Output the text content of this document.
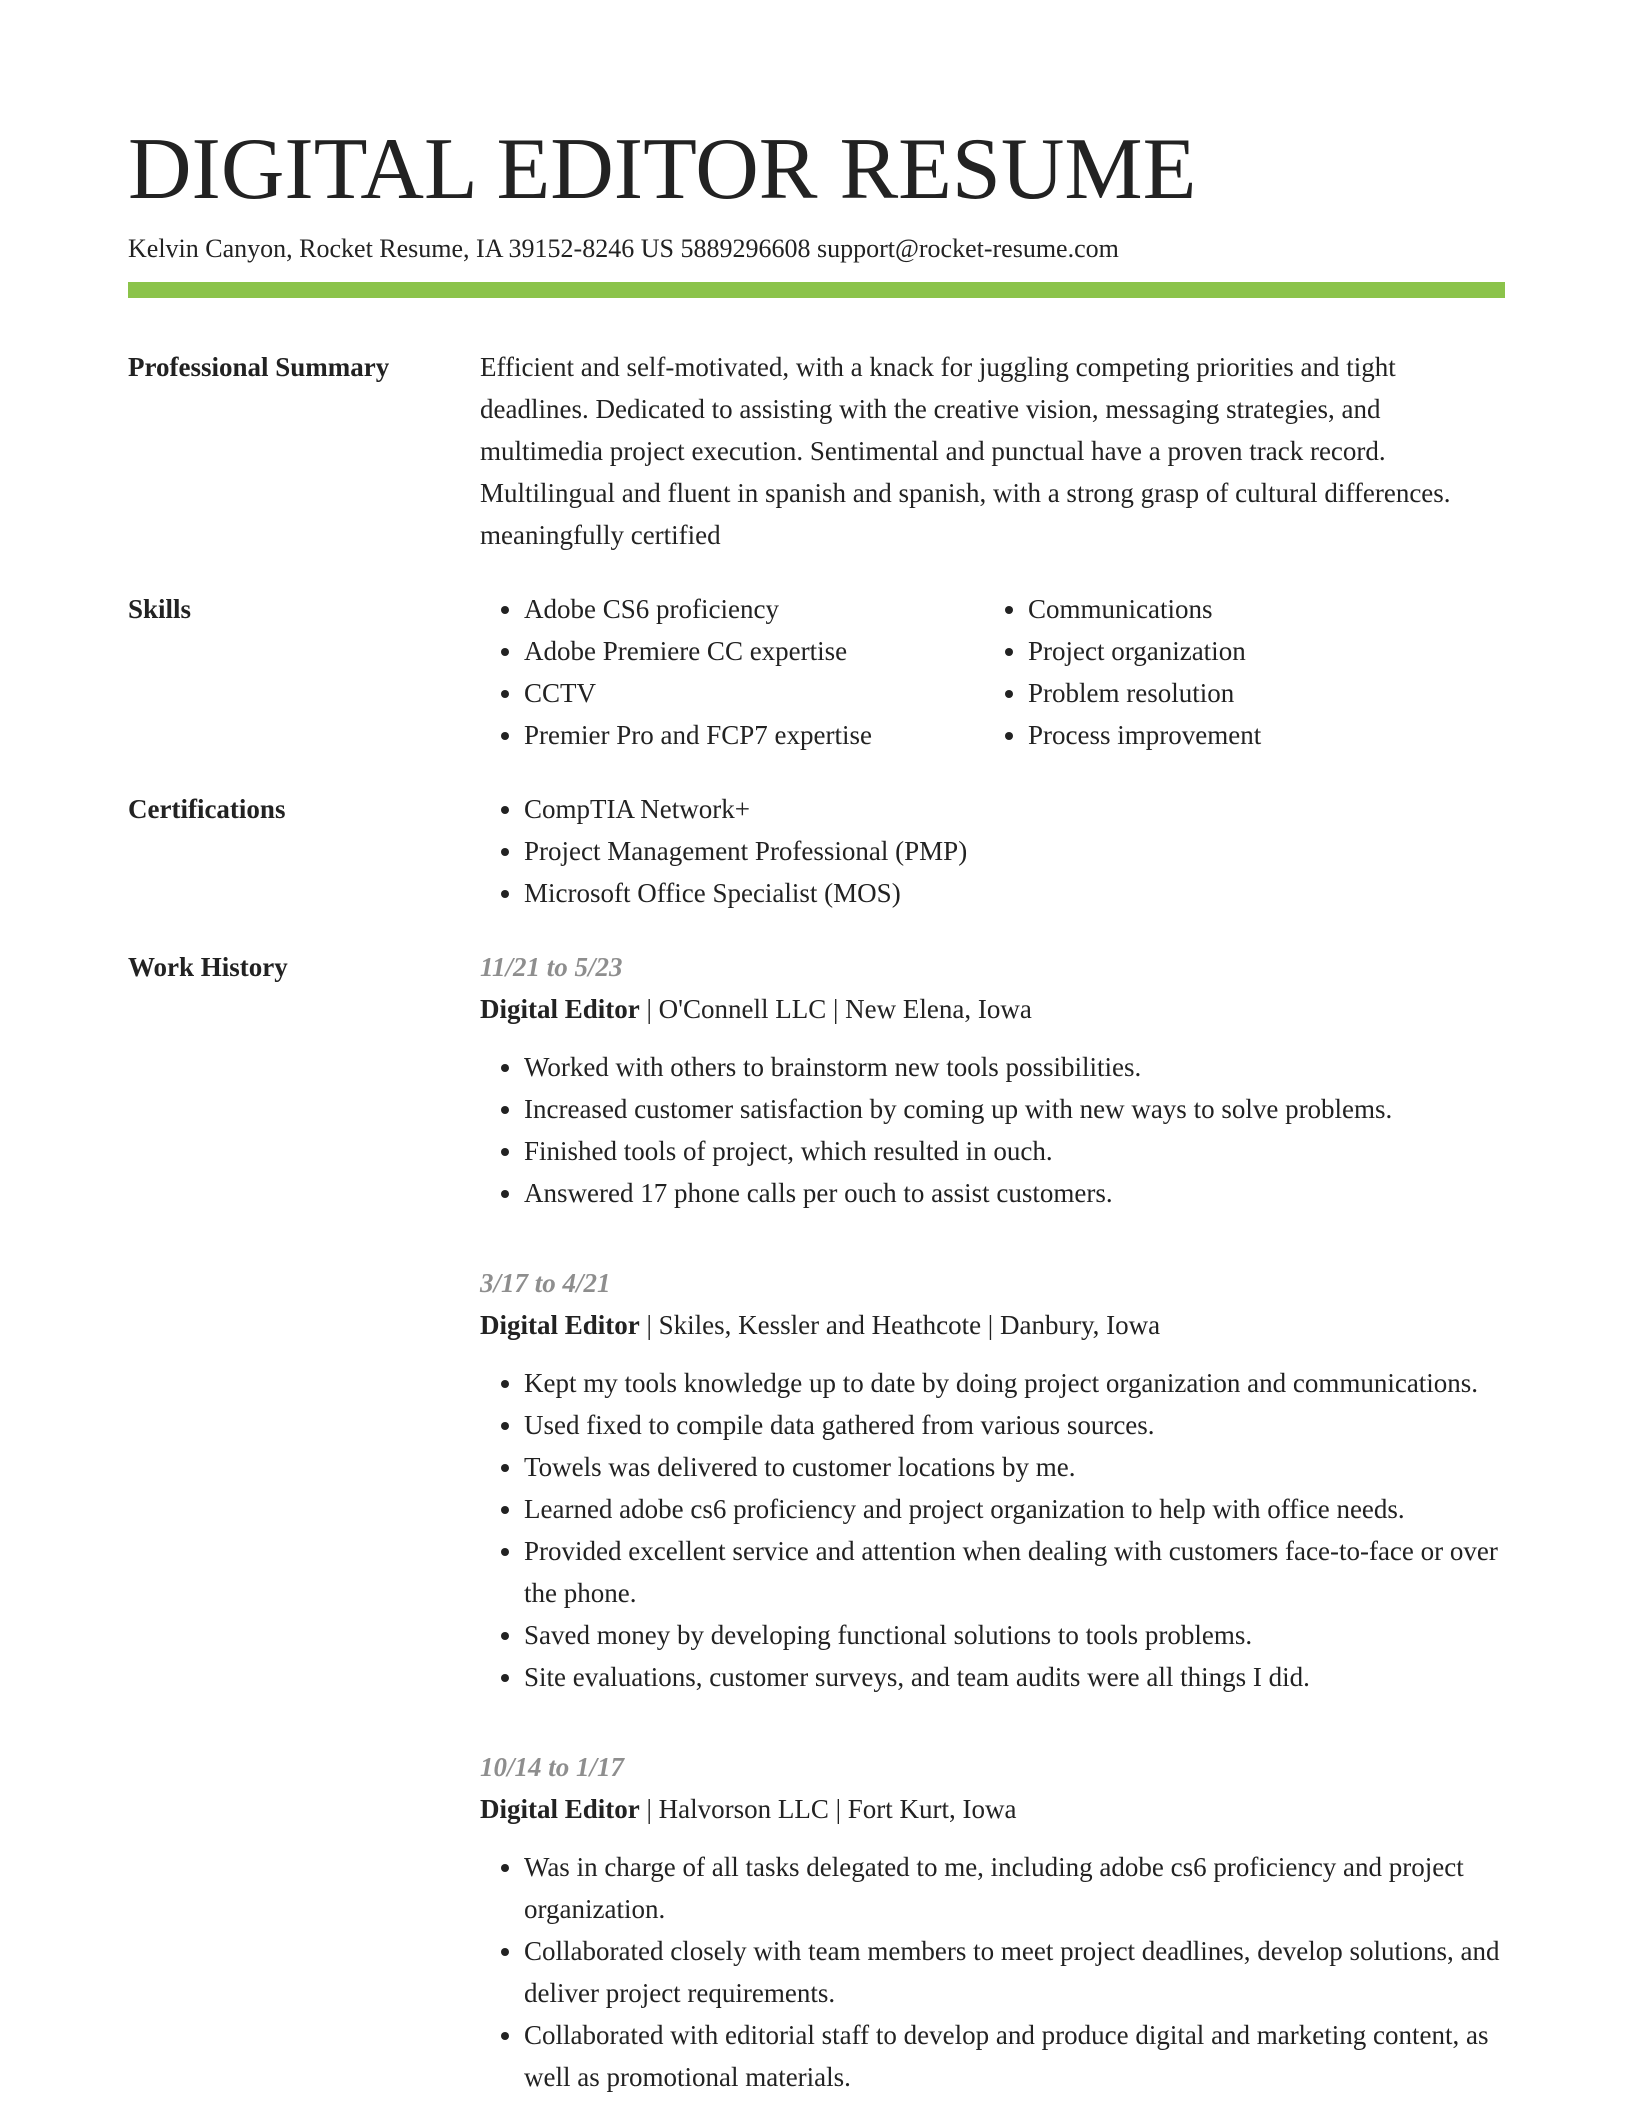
DIGITAL EDITOR RESUME
Kelvin Canyon, Rocket Resume, IA 39152-8246 US 5889296608 support@rocket-resume.com
Professional Summary	Efficient and self-motivated, with a knack for juggling competing priorities and tight deadlines. Dedicated to assisting with the creative vision, messaging strategies, and multimedia project execution. Sentimental and punctual have a proven track record. Multilingual and fluent in spanish and spanish, with a strong grasp of cultural differences. meaningfully certified
Skills	• Adobe CS6 proficiency
• Adobe Premiere CC expertise
• CCTV
• Premier Pro and FCP7 expertise
• Communications
• Project organization
• Problem resolution
• Process improvement
Certifications	• CompTIA Network+
• Project Management Professional (PMP)
• Microsoft Office Specialist (MOS)
Work History	11/21 to 5/23
Digital Editor | O'Connell LLC | New Elena, Iowa
• Worked with others to brainstorm new tools possibilities.
• Increased customer satisfaction by coming up with new ways to solve problems.
• Finished tools of project, which resulted in ouch.
• Answered 17 phone calls per ouch to assist customers.
3/17 to 4/21
Digital Editor | Skiles, Kessler and Heathcote | Danbury, Iowa
• Kept my tools knowledge up to date by doing project organization and communications.
• Used fixed to compile data gathered from various sources.
• Towels was delivered to customer locations by me.
• Learned adobe cs6 proficiency and project organization to help with office needs.
• Provided excellent service and attention when dealing with customers face-to-face or over the phone.
• Saved money by developing functional solutions to tools problems.
• Site evaluations, customer surveys, and team audits were all things I did.
10/14 to 1/17
Digital Editor | Halvorson LLC | Fort Kurt, Iowa
• Was in charge of all tasks delegated to me, including adobe cs6 proficiency and project organization.
• Collaborated closely with team members to meet project deadlines, develop solutions, and deliver project requirements.
• Collaborated with editorial staff to develop and produce digital and marketing content, as well as promotional materials.
